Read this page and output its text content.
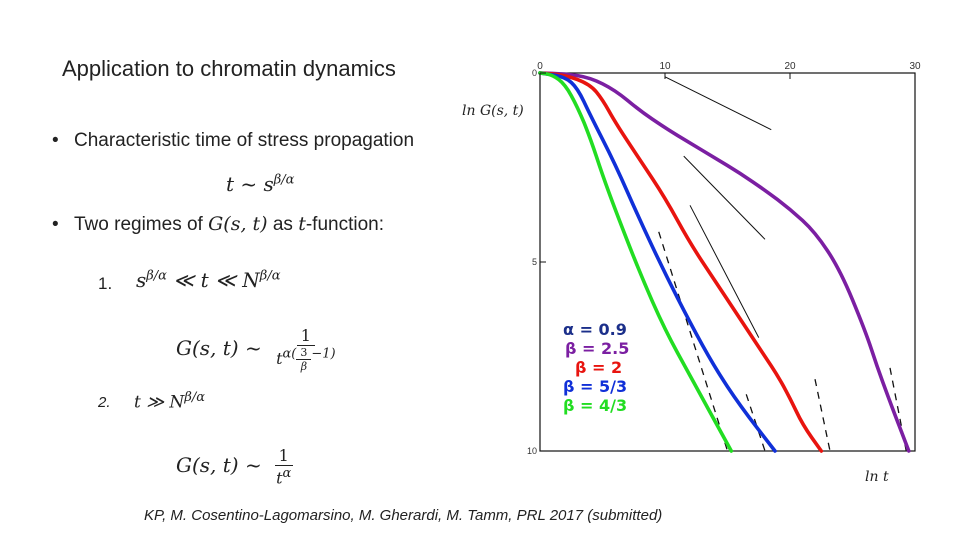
Application to chromatin dynamics
• Characteristic time of stress propagation
t ~ $s^{\beta/\alpha}$
• Two regimes of G(s, t) as t-function:
1. $s^{\beta/\alpha}$ ≪ t ≪ $N^{\beta/\alpha}$
G(s, t) ~ $\frac{1}{t^{\alpha(} \frac{3}{\beta} ^{-1)}}$
2. t ≫ $N^{\beta/\alpha}$
G(s, t) ~ $\frac{1}{t^\alpha}$
0	10	20	30
0
5
10
ln G(s, t)
ln t
α = 0.9
β = 2.5
β = 2
β = 5/3
β = 4/3
KP, M. Cosentino-Lagomarsino, M. Gherardi, M. Tamm, PRL 2017 (submitted)
